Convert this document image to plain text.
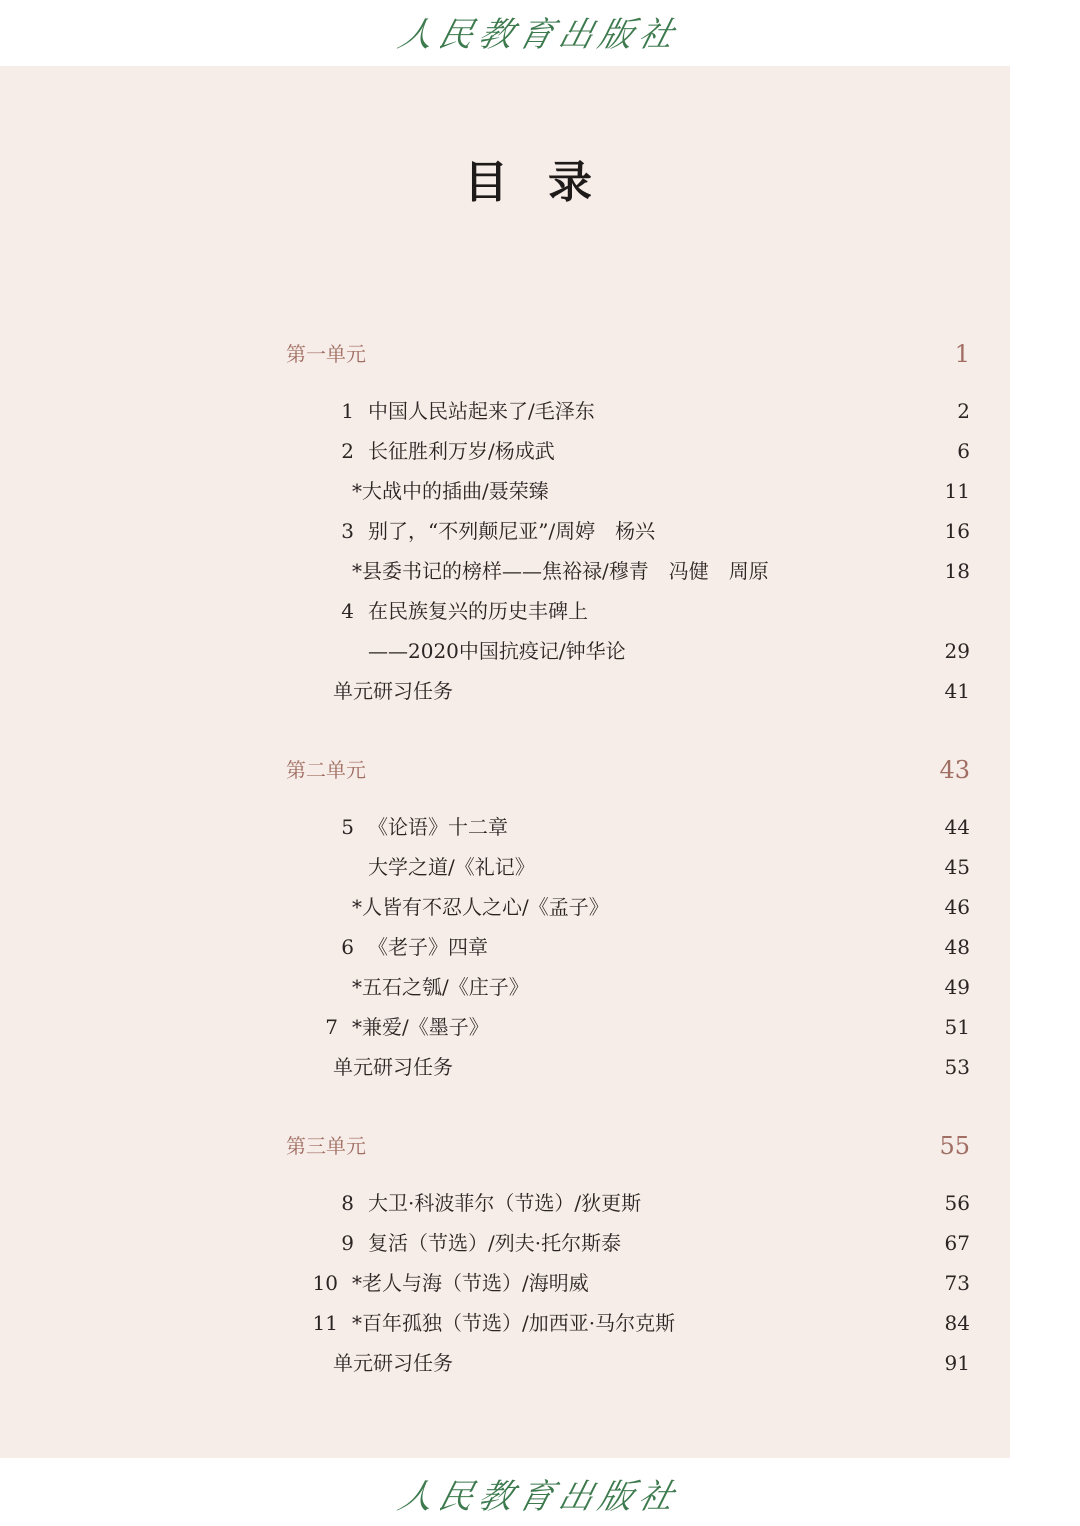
人民教育出版社
目录
第一单元	1
1 中国人民站起来了/毛泽东	2
2 长征胜利万岁/杨成武	6
*大战中的插曲/聂荣臻	11
3 别了，“不列颠尼亚”/周婷　杨兴	16
*县委书记的榜样——焦裕禄/穆青　冯健　周原	18
4 在民族复兴的历史丰碑上
——2020中国抗疫记/钟华论	29
单元研习任务	41
第二单元	43
5 《论语》十二章	44
大学之道/《礼记》	45
*人皆有不忍人之心/《孟子》	46
6 《老子》四章	48
*五石之瓠/《庄子》	49
7 *兼爱/《墨子》	51
单元研习任务	53
第三单元	55
8 大卫·科波菲尔（节选）/狄更斯	56
9 复活（节选）/列夫·托尔斯泰	67
10 *老人与海（节选）/海明威	73
11 *百年孤独（节选）/加西亚·马尔克斯	84
单元研习任务	91
人民教育出版社
